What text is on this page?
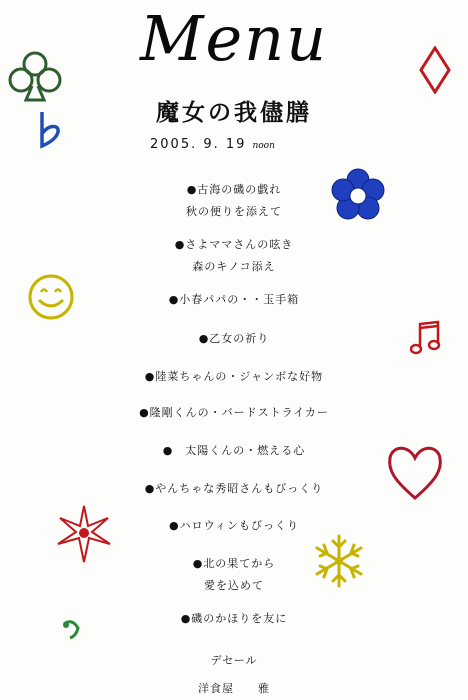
Menu
魔女の我儘膳
2005. 9. 19 noon
●古海の磯の戯れ
秋の便りを添えて
●さよママさんの呟き
森のキノコ添え
●小春パパの・・玉手箱
●乙女の祈り
●陸菜ちゃんの・ジャンボな好物
●隆剛くんの・バードストライカー
●　太陽くんの・燃える心
●やんちゃな秀昭さんもびっくり
●ハロウィンもびっくり
●北の果てから
愛を込めて
●磯のかほりを友に
デセール
洋食屋　　雅
